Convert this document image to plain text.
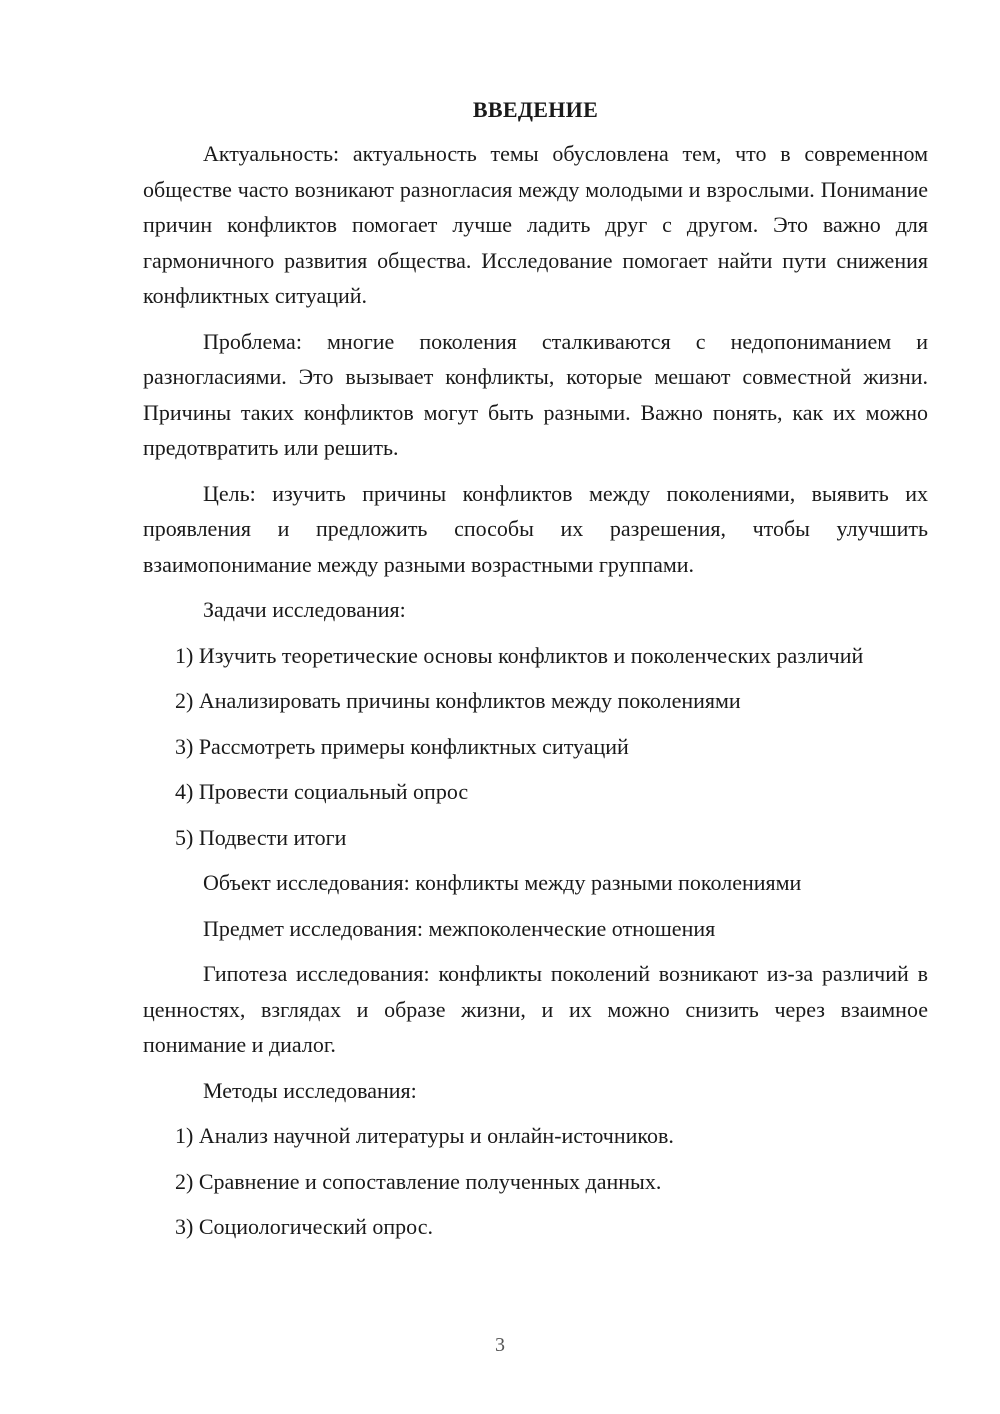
ВВЕДЕНИЕ
Актуальность: актуальность темы обусловлена тем, что в современном обществе часто возникают разногласия между молодыми и взрослыми. Понимание причин конфликтов помогает лучше ладить друг с другом. Это важно для гармоничного развития общества. Исследование помогает найти пути снижения конфликтных ситуаций.
Проблема: многие поколения сталкиваются с недопониманием и разногласиями. Это вызывает конфликты, которые мешают совместной жизни. Причины таких конфликтов могут быть разными. Важно понять, как их можно предотвратить или решить.
Цель: изучить причины конфликтов между поколениями, выявить их проявления и предложить способы их разрешения, чтобы улучшить взаимопонимание между разными возрастными группами.
Задачи исследования:
1) Изучить теоретические основы конфликтов и поколенческих различий
2) Анализировать причины конфликтов между поколениями
3) Рассмотреть примеры конфликтных ситуаций
4) Провести социальный опрос
5) Подвести итоги
Объект исследования: конфликты между разными поколениями
Предмет исследования: межпоколенческие отношения
Гипотеза исследования: конфликты поколений возникают из-за различий в ценностях, взглядах и образе жизни, и их можно снизить через взаимное понимание и диалог.
Методы исследования:
1) Анализ научной литературы и онлайн-источников.
2) Сравнение и сопоставление полученных данных.
3) Социологический опрос.
3
